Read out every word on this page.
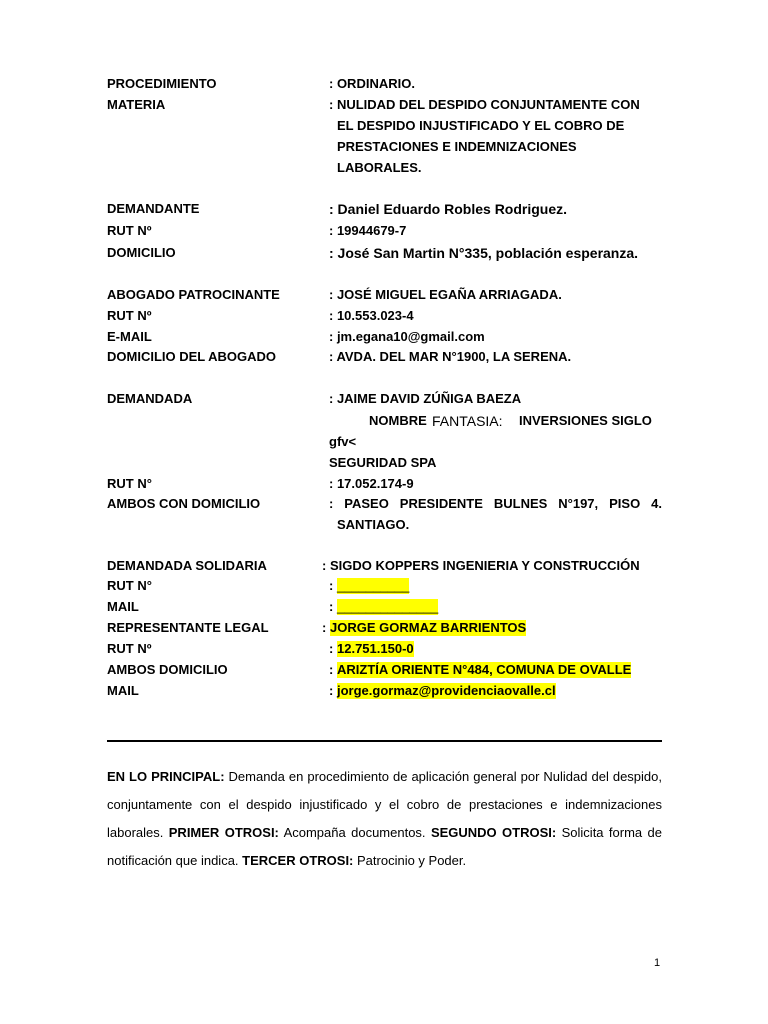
PROCEDIMIENTO	: ORDINARIO.
MATERIA	: NULIDAD DEL DESPIDO CONJUNTAMENTE CON
EL DESPIDO INJUSTIFICADO Y EL COBRO DE
PRESTACIONES E INDEMNIZACIONES
LABORALES.
DEMANDANTE	: Daniel Eduardo Robles Rodriguez.
RUT Nº	: 19944679-7
DOMICILIO	: José San Martin N°335, población esperanza.
ABOGADO PATROCINANTE	: JOSÉ MIGUEL EGAÑA ARRIAGADA.
RUT Nº	: 10.553.023-4
E-MAIL	: jm.egana10@gmail.com
DOMICILIO DEL ABOGADO	: AVDA. DEL MAR N°1900, LA SERENA.
DEMANDADA	: JAIME DAVID ZÚÑIGA BAEZA
NOMBRE FANTASIA: INVERSIONES SIGLO
gfv<
SEGURIDAD SPA
RUT N°	: 17.052.174-9
AMBOS CON DOMICILIO	: PASEO PRESIDENTE BULNES N°197, PISO 4.
SANTIAGO.
DEMANDADA SOLIDARIA	: SIGDO KOPPERS INGENIERIA Y CONSTRUCCIÓN
RUT N°	: __________
MAIL	: ______________
REPRESENTANTE LEGAL	: JORGE GORMAZ BARRIENTOS
RUT Nº	: 12.751.150-0
AMBOS DOMICILIO	: ARIZTÍA ORIENTE N°484, COMUNA DE OVALLE
MAIL	: jorge.gormaz@providenciaovalle.cl
EN LO PRINCIPAL: Demanda en procedimiento de aplicación general por Nulidad del despido, conjuntamente con el despido injustificado y el cobro de prestaciones e indemnizaciones laborales. PRIMER OTROSI: Acompaña documentos. SEGUNDO OTROSI: Solicita forma de notificación que indica. TERCER OTROSI: Patrocinio y Poder.
1
